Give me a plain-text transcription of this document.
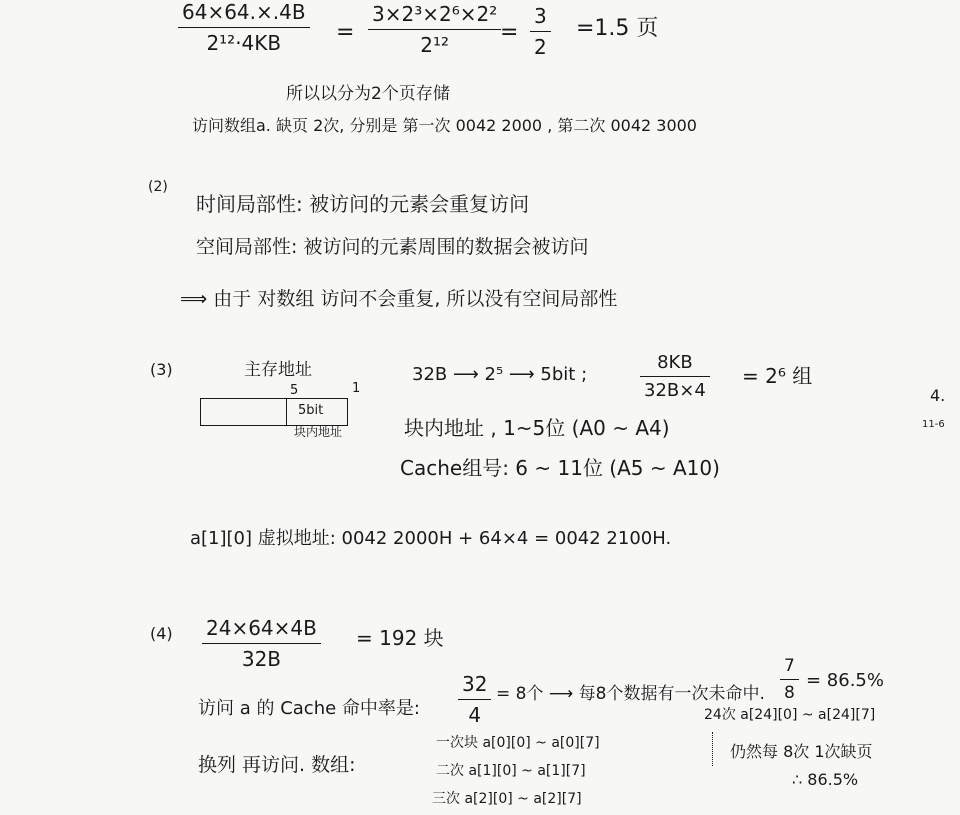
64×64.×.4B
2¹²·4KB	=
3×2³×2⁶×2²
2¹²	=
3
2
=1.5 页
所以以分为2个页存储
访问数组a. 缺页 2次, 分别是 第一次 0042 2000 , 第二次 0042 3000
(2)
时间局部性: 被访问的元素会重复访问
空间局部性: 被访问的元素周围的数据会被访问
⟹ 由于 对数组 访问不会重复, 所以没有空间局部性
(3)	主存地址
5	1
5bit
块内地址
32B ⟶ 2⁵ ⟶ 5bit ;
8KB
32B×4
= 2⁶ 组
块内地址 , 1~5位 (A0 ~ A4)
Cache组号: 6 ~ 11位 (A5 ~ A10)
a[1][0] 虚拟地址: 0042 2000H + 64×4 = 0042 2100H.
4.
11-6
(4) 24×64×4B
32B
= 192 块
访问 a 的 Cache 命中率是:
32
4
= 8个 ⟶ 每8个数据有一次未命中.
7
8
= 86.5%
换列 再访问. 数组:
一次块 a[0][0] ~ a[0][7]
二次 a[1][0] ~ a[1][7]
三次 a[2][0] ~ a[2][7]
24次 a[24][0] ~ a[24][7]
仍然每 8次 1次缺页
∴ 86.5%
